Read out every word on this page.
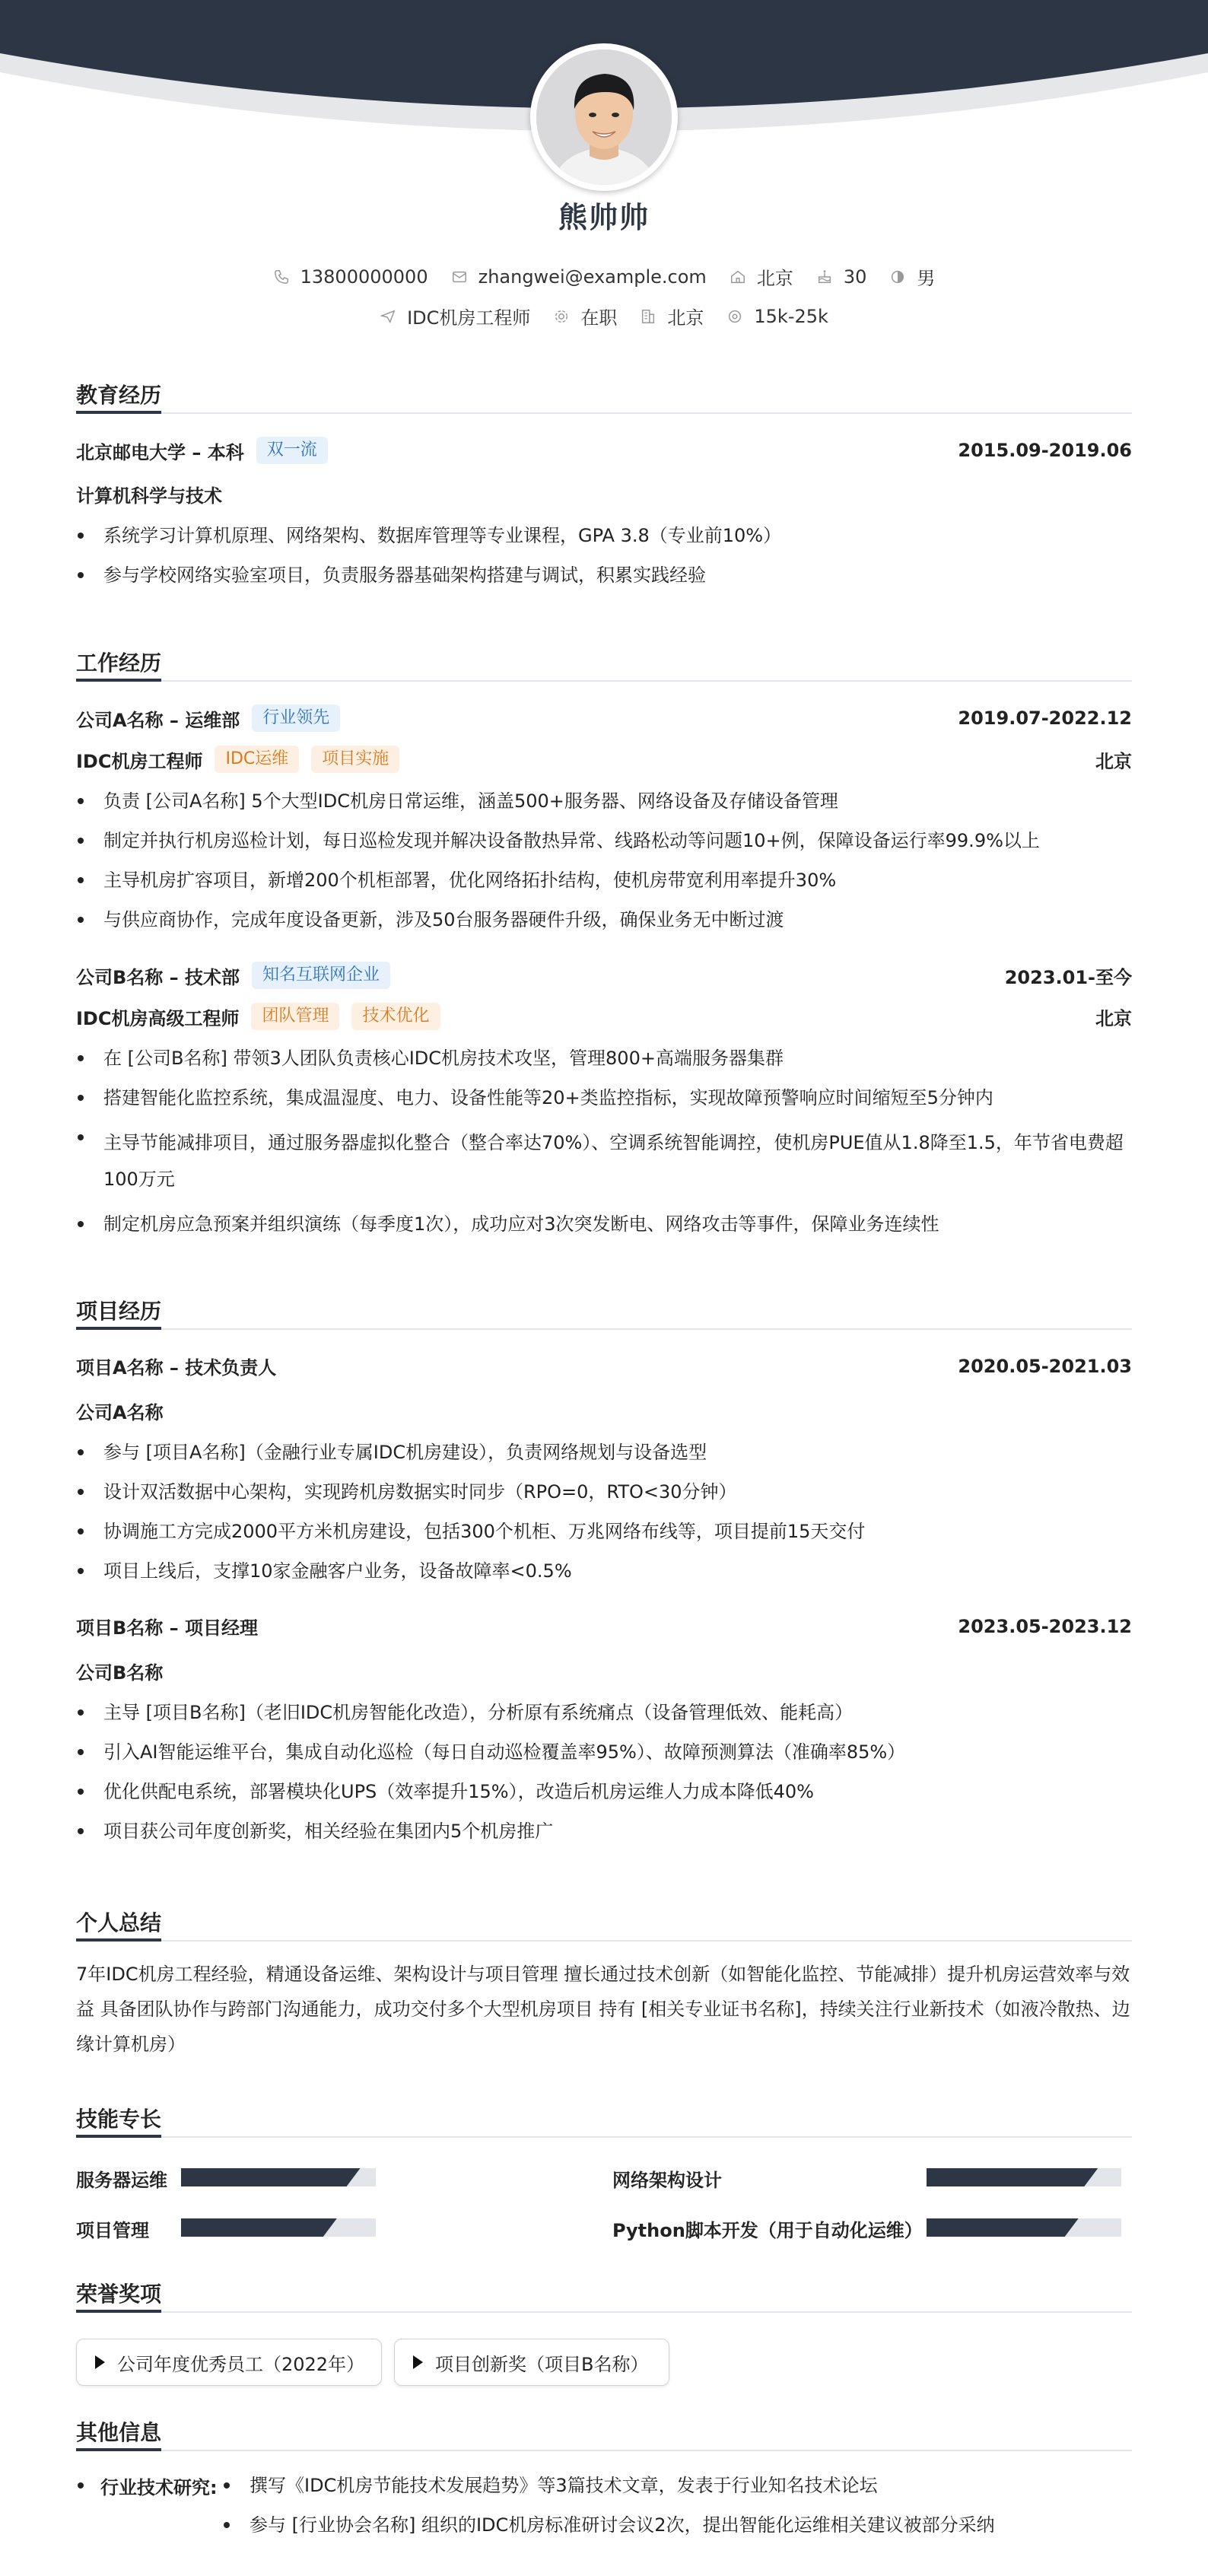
熊帅帅
13800000000	zhangwei@example.com	北京	30	男
IDC机房工程师	在职	北京	15k-25k
教育经历
北京邮电大学 – 本科	双一流	2015.09-2019.06
计算机科学与技术
系统学习计算机原理、网络架构、数据库管理等专业课程，GPA 3.8（专业前10%）
参与学校网络实验室项目，负责服务器基础架构搭建与调试，积累实践经验
工作经历
公司A名称 – 运维部	行业领先	2019.07-2022.12
IDC机房工程师	IDC运维	项目实施	北京
负责 [公司A名称] 5个大型IDC机房日常运维，涵盖500+服务器、网络设备及存储设备管理
制定并执行机房巡检计划，每日巡检发现并解决设备散热异常、线路松动等问题10+例，保障设备运行率99.9%以上
主导机房扩容项目，新增200个机柜部署，优化网络拓扑结构，使机房带宽利用率提升30%
与供应商协作，完成年度设备更新，涉及50台服务器硬件升级，确保业务无中断过渡
公司B名称 – 技术部	知名互联网企业	2023.01-至今
IDC机房高级工程师	团队管理	技术优化	北京
在 [公司B名称] 带领3人团队负责核心IDC机房技术攻坚，管理800+高端服务器集群
搭建智能化监控系统，集成温湿度、电力、设备性能等20+类监控指标，实现故障预警响应时间缩短至5分钟内
主导节能减排项目，通过服务器虚拟化整合（整合率达70%）、空调系统智能调控，使机房PUE值从1.8降至1.5，年节省电费超100万元
制定机房应急预案并组织演练（每季度1次），成功应对3次突发断电、网络攻击等事件，保障业务连续性
项目经历
项目A名称 – 技术负责人	2020.05-2021.03
公司A名称
参与 [项目A名称]（金融行业专属IDC机房建设），负责网络规划与设备选型
设计双活数据中心架构，实现跨机房数据实时同步（RPO=0，RTO<30分钟）
协调施工方完成2000平方米机房建设，包括300个机柜、万兆网络布线等，项目提前15天交付
项目上线后，支撑10家金融客户业务，设备故障率<0.5%
项目B名称 – 项目经理	2023.05-2023.12
公司B名称
主导 [项目B名称]（老旧IDC机房智能化改造），分析原有系统痛点（设备管理低效、能耗高）
引入AI智能运维平台，集成自动化巡检（每日自动巡检覆盖率95%）、故障预测算法（准确率85%）
优化供配电系统，部署模块化UPS（效率提升15%），改造后机房运维人力成本降低40%
项目获公司年度创新奖，相关经验在集团内5个机房推广
个人总结
7年IDC机房工程经验，精通设备运维、架构设计与项目管理 擅长通过技术创新（如智能化监控、节能减排）提升机房运营效率与效益 具备团队协作与跨部门沟通能力，成功交付多个大型机房项目 持有 [相关专业证书名称]，持续关注行业新技术（如液冷散热、边缘计算机房）
技能专长
服务器运维	网络架构设计
项目管理	Python脚本开发（用于自动化运维）
荣誉奖项
公司年度优秀员工（2022年）	项目创新奖（项目B名称）
其他信息
行业技术研究:	撰写《IDC机房节能技术发展趋势》等3篇技术文章，发表于行业知名技术论坛
参与 [行业协会名称] 组织的IDC机房标准研讨会议2次，提出智能化运维相关建议被部分采纳
